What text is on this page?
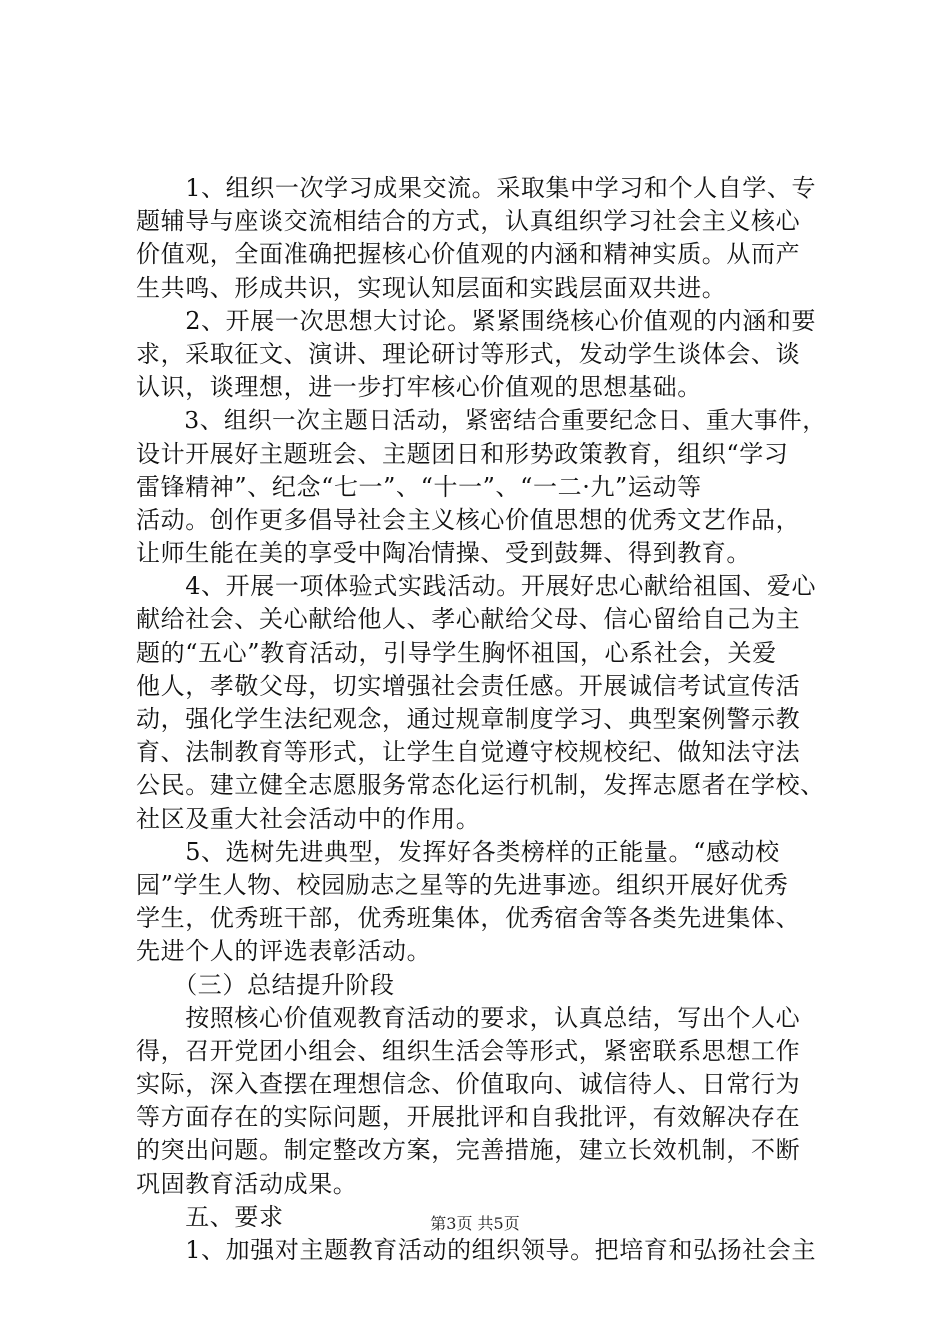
　　1、组织一次学习成果交流。采取集中学习和个人自学、专
题辅导与座谈交流相结合的方式，认真组织学习社会主义核心
价值观，全面准确把握核心价值观的内涵和精神实质。从而产
生共鸣、形成共识，实现认知层面和实践层面双共进。
　　2、开展一次思想大讨论。紧紧围绕核心价值观的内涵和要
求，采取征文、演讲、理论研讨等形式，发动学生谈体会、谈
认识，谈理想，进一步打牢核心价值观的思想基础。
　　3、组织一次主题日活动，紧密结合重要纪念日、重大事件，
设计开展好主题班会、主题团日和形势政策教育，组织“学习
雷锋精神”、纪念“七一”、“十一”、“一二·九”运动等
活动。创作更多倡导社会主义核心价值思想的优秀文艺作品，
让师生能在美的享受中陶冶情操、受到鼓舞、得到教育。
　　4、开展一项体验式实践活动。开展好忠心献给祖国、爱心
献给社会、关心献给他人、孝心献给父母、信心留给自己为主
题的“五心”教育活动，引导学生胸怀祖国，心系社会，关爱
他人，孝敬父母，切实增强社会责任感。开展诚信考试宣传活
动，强化学生法纪观念，通过规章制度学习、典型案例警示教
育、法制教育等形式，让学生自觉遵守校规校纪、做知法守法
公民。建立健全志愿服务常态化运行机制，发挥志愿者在学校、
社区及重大社会活动中的作用。
　　5、选树先进典型，发挥好各类榜样的正能量。“感动校
园”学生人物、校园励志之星等的先进事迹。组织开展好优秀
学生，优秀班干部，优秀班集体，优秀宿舍等各类先进集体、
先进个人的评选表彰活动。
　　（三）总结提升阶段
　　按照核心价值观教育活动的要求，认真总结，写出个人心
得，召开党团小组会、组织生活会等形式，紧密联系思想工作
实际，深入查摆在理想信念、价值取向、诚信待人、日常行为
等方面存在的实际问题，开展批评和自我批评，有效解决存在
的突出问题。制定整改方案，完善措施，建立长效机制，不断
巩固教育活动成果。
　　五、要求
　　1、加强对主题教育活动的组织领导。把培育和弘扬社会主
第3页 共5页
